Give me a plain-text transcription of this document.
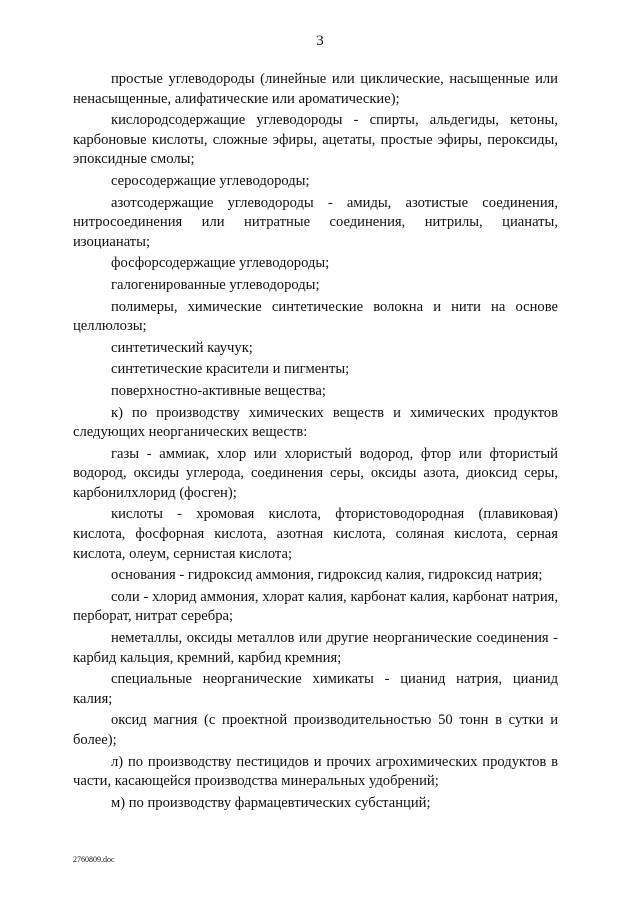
3

простые углеводороды (линейные или циклические, насыщенные или ненасыщенные, алифатические или ароматические);

кислородсодержащие углеводороды - спирты, альдегиды, кетоны, карбоновые кислоты, сложные эфиры, ацетаты, простые эфиры, пероксиды, эпоксидные смолы;

серосодержащие углеводороды;

азотсодержащие углеводороды - амиды, азотистые соединения, нитросоединения или нитратные соединения, нитрилы, цианаты, изоцианаты;

фосфорсодержащие углеводороды;

галогенированные углеводороды;

полимеры, химические синтетические волокна и нити на основе целлюлозы;

синтетический каучук;

синтетические красители и пигменты;

поверхностно-активные вещества;

к) по производству химических веществ и химических продуктов следующих неорганических веществ:

газы - аммиак, хлор или хлористый водород, фтор или фтористый водород, оксиды углерода, соединения серы, оксиды азота, диоксид серы, карбонилхлорид (фосген);

кислоты - хромовая кислота, фтористоводородная (плавиковая) кислота, фосфорная кислота, азотная кислота, соляная кислота, серная кислота, олеум, сернистая кислота;

основания - гидроксид аммония, гидроксид калия, гидроксид натрия;

соли - хлорид аммония, хлорат калия, карбонат калия, карбонат натрия, перборат, нитрат серебра;

неметаллы, оксиды металлов или другие неорганические соединения - карбид кальция, кремний, карбид кремния;

специальные неорганические химикаты - цианид натрия, цианид калия;

оксид магния (с проектной производительностью 50 тонн в сутки и более);

л) по производству пестицидов и прочих агрохимических продуктов в части, касающейся производства минеральных удобрений;

м) по производству фармацевтических субстанций;

2760809.doc
